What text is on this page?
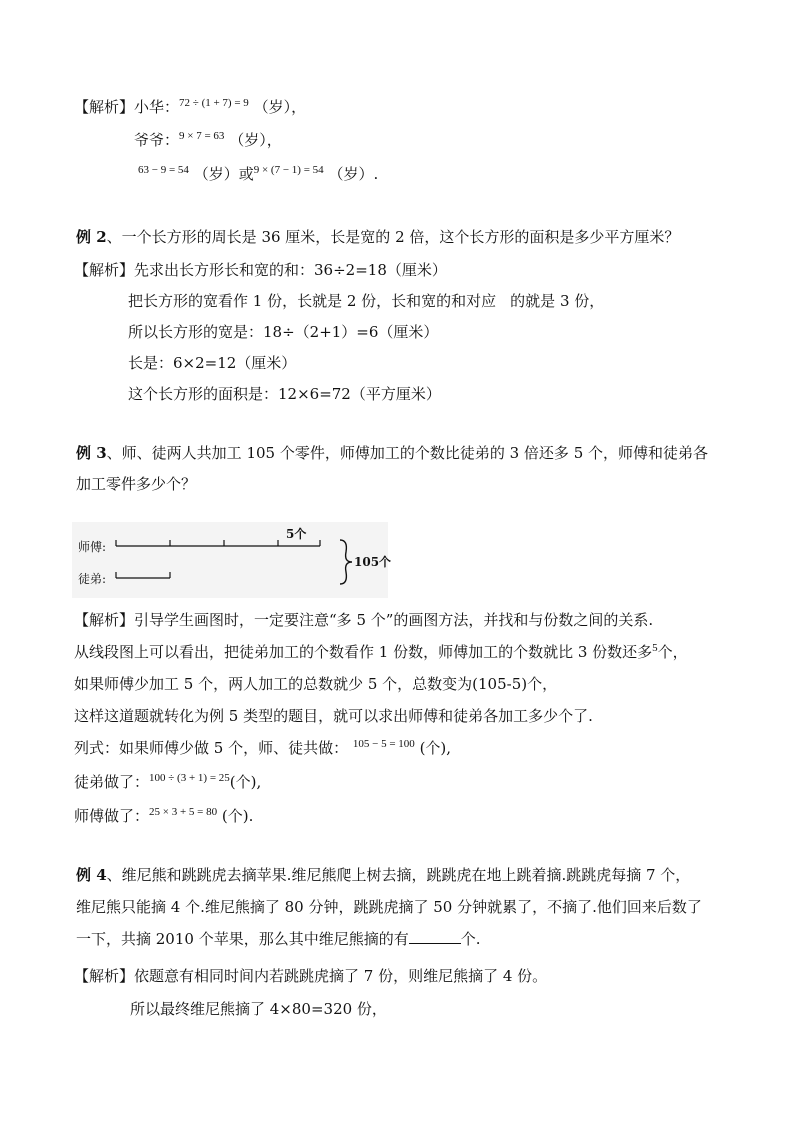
【解析】小华：$^{72 \div (1 + 7) = 9}$ （岁），
爷爷：$^{9 \times 7 = 63}$ （岁），
$^{63 - 9 = 54}$ （岁）或$^{9 \times (7 - 1) = 54}$ （岁）.
例 2、一个长方形的周长是 36 厘米，长是宽的 2 倍，这个长方形的面积是多少平方厘米？
【解析】先求出长方形长和宽的和：36÷2=18（厘米）
把长方形的宽看作 1 份，长就是 2 份，长和宽的和对应 的就是 3 份，
所以长方形的宽是：18÷（2+1）=6（厘米）
长是：6×2=12（厘米）
这个长方形的面积是：12×6=72（平方厘米）
例 3、师、徒两人共加工 105 个零件，师傅加工的个数比徒弟的 3 倍还多 5 个，师傅和徒弟各
加工零件多少个？
师傅:
徒弟:
5个
105个
【解析】引导学生画图时，一定要注意“多 5 个”的画图方法，并找和与份数之间的关系.
从线段图上可以看出，把徒弟加工的个数看作 1 份数，师傅加工的个数就比 3 份数还多$^5$个，
如果师傅少加工 5 个，两人加工的总数就少 5 个，总数变为(105-5)个，
这样这道题就转化为例 5 类型的题目，就可以求出师傅和徒弟各加工多少个了.
列式：如果师傅少做 5 个，师、徒共做： $^{105 - 5 = 100}$ (个),
徒弟做了：$^{100 \div (3 + 1) = 25}$(个),
师傅做了：$^{25 \times 3 + 5 = 80}$ (个).
例 4、维尼熊和跳跳虎去摘苹果.维尼熊爬上树去摘，跳跳虎在地上跳着摘.跳跳虎每摘 7 个，
维尼熊只能摘 4 个.维尼熊摘了 80 分钟，跳跳虎摘了 50 分钟就累了，不摘了.他们回来后数了
一下，共摘 2010 个苹果，那么其中维尼熊摘的有	个.
【解析】依题意有相同时间内若跳跳虎摘了 7 份，则维尼熊摘了 4 份。
所以最终维尼熊摘了 4×80=320 份，
